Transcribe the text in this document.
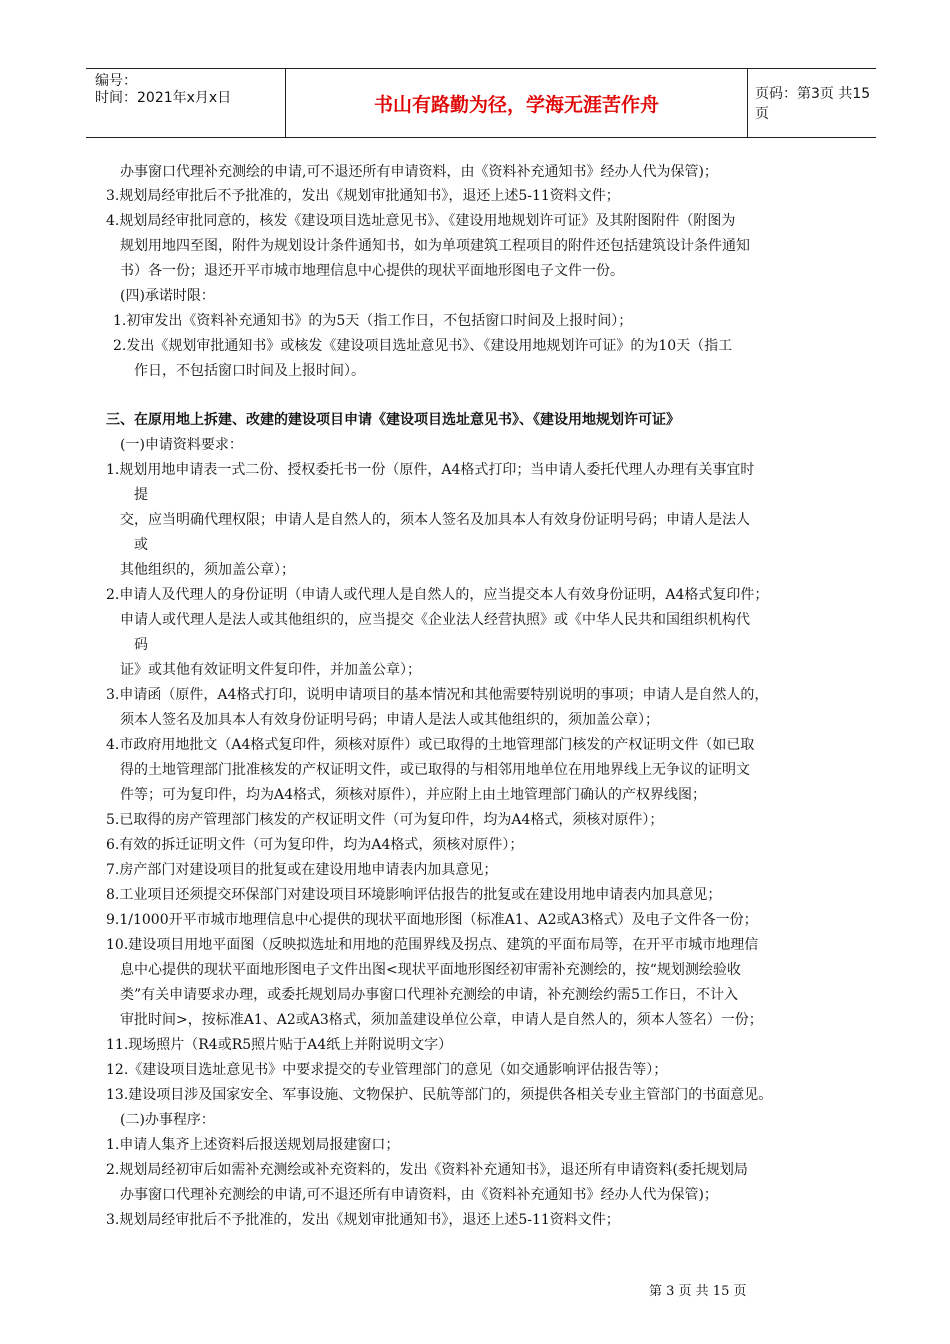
编号：
时间：2021年x月x日	书山有路勤为径，学海无涯苦作舟	页码：第3页 共15页
办事窗口代理补充测绘的申请,可不退还所有申请资料，由《资料补充通知书》经办人代为保管)；
3.规划局经审批后不予批准的，发出《规划审批通知书》，退还上述5-11资料文件；
4.规划局经审批同意的，核发《建设项目选址意见书》、《建设用地规划许可证》及其附图附件（附图为
规划用地四至图，附件为规划设计条件通知书，如为单项建筑工程项目的附件还包括建筑设计条件通知
书）各一份；退还开平市城市地理信息中心提供的现状平面地形图电子文件一份。
(四)承诺时限：
1.初审发出《资料补充通知书》的为5天（指工作日，不包括窗口时间及上报时间）；
2.发出《规划审批通知书》或核发《建设项目选址意见书》、《建设用地规划许可证》的为10天（指工
作日，不包括窗口时间及上报时间）。
三、在原用地上拆建、改建的建设项目申请《建设项目选址意见书》、《建设用地规划许可证》
(一)申请资料要求：
1.规划用地申请表一式二份、授权委托书一份（原件，A4格式打印；当申请人委托代理人办理有关事宜时
提
交，应当明确代理权限；申请人是自然人的，须本人签名及加具本人有效身份证明号码；申请人是法人
或
其他组织的，须加盖公章）；
2.申请人及代理人的身份证明（申请人或代理人是自然人的，应当提交本人有效身份证明，A4格式复印件；
申请人或代理人是法人或其他组织的，应当提交《企业法人经营执照》或《中华人民共和国组织机构代
码
证》或其他有效证明文件复印件，并加盖公章）；
3.申请函（原件，A4格式打印，说明申请项目的基本情况和其他需要特别说明的事项；申请人是自然人的，
须本人签名及加具本人有效身份证明号码；申请人是法人或其他组织的，须加盖公章）；
4.市政府用地批文（A4格式复印件，须核对原件）或已取得的土地管理部门核发的产权证明文件（如已取
得的土地管理部门批准核发的产权证明文件，或已取得的与相邻用地单位在用地界线上无争议的证明文
件等；可为复印件，均为A4格式，须核对原件），并应附上由土地管理部门确认的产权界线图；
5.已取得的房产管理部门核发的产权证明文件（可为复印件，均为A4格式，须核对原件）；
6.有效的拆迁证明文件（可为复印件，均为A4格式，须核对原件）；
7.房产部门对建设项目的批复或在建设用地申请表内加具意见；
8.工业项目还须提交环保部门对建设项目环境影响评估报告的批复或在建设用地申请表内加具意见；
9.1/1000开平市城市地理信息中心提供的现状平面地形图（标准A1、A2或A3格式）及电子文件各一份；
10.建设项目用地平面图（反映拟选址和用地的范围界线及拐点、建筑的平面布局等，在开平市城市地理信
息中心提供的现状平面地形图电子文件出图<现状平面地形图经初审需补充测绘的，按“规划测绘验收
类”有关申请要求办理，或委托规划局办事窗口代理补充测绘的申请，补充测绘约需5工作日，不计入
审批时间>，按标准A1、A2或A3格式，须加盖建设单位公章，申请人是自然人的，须本人签名）一份；
11.现场照片（R4或R5照片贴于A4纸上并附说明文字）
12.《建设项目选址意见书》中要求提交的专业管理部门的意见（如交通影响评估报告等）；
13.建设项目涉及国家安全、军事设施、文物保护、民航等部门的，须提供各相关专业主管部门的书面意见。
(二)办事程序：
1.申请人集齐上述资料后报送规划局报建窗口；
2.规划局经初审后如需补充测绘或补充资料的，发出《资料补充通知书》，退还所有申请资料(委托规划局
办事窗口代理补充测绘的申请,可不退还所有申请资料，由《资料补充通知书》经办人代为保管)；
3.规划局经审批后不予批准的，发出《规划审批通知书》，退还上述5-11资料文件；
第 3 页 共 15 页
